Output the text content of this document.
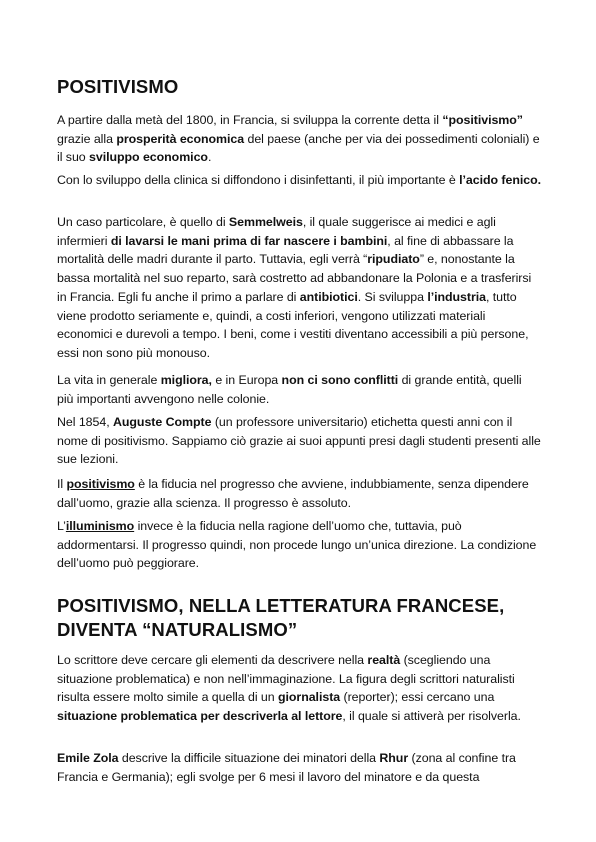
POSITIVISMO

A partire dalla metà del 1800, in Francia, si sviluppa la corrente detta il “positivismo” grazie alla prosperità economica del paese (anche per via dei possedimenti coloniali) e il suo sviluppo economico.

Con lo sviluppo della clinica si diffondono i disinfettanti, il più importante è l’acido fenico.

Un caso particolare, è quello di Semmelweis, il quale suggerisce ai medici e agli infermieri di lavarsi le mani prima di far nascere i bambini, al fine di abbassare la mortalità delle madri durante il parto. Tuttavia, egli verrà “ripudiato” e, nonostante la bassa mortalità nel suo reparto, sarà costretto ad abbandonare la Polonia e a trasferirsi in Francia. Egli fu anche il primo a parlare di antibiotici. Si sviluppa l’industria, tutto viene prodotto seriamente e, quindi, a costi inferiori, vengono utilizzati materiali economici e durevoli a tempo. I beni, come i vestiti diventano accessibili a più persone, essi non sono più monouso.

La vita in generale migliora, e in Europa non ci sono conflitti di grande entità, quelli più importanti avvengono nelle colonie.

Nel 1854, Auguste Compte (un professore universitario) etichetta questi anni con il nome di positivismo. Sappiamo ciò grazie ai suoi appunti presi dagli studenti presenti alle sue lezioni.

Il positivismo è la fiducia nel progresso che avviene, indubbiamente, senza dipendere dall’uomo, grazie alla scienza. Il progresso è assoluto.

L’illuminismo invece è la fiducia nella ragione dell’uomo che, tuttavia, può addormentarsi. Il progresso quindi, non procede lungo un’unica direzione. La condizione dell’uomo può peggiorare.

POSITIVISMO, NELLA LETTERATURA FRANCESE, DIVENTA “NATURALISMO”

Lo scrittore deve cercare gli elementi da descrivere nella realtà (scegliendo una situazione problematica) e non nell’immaginazione. La figura degli scrittori naturalisti risulta essere molto simile a quella di un giornalista (reporter); essi cercano una situazione problematica per descriverla al lettore, il quale si attiverà per risolverla.

Emile Zola descrive la difficile situazione dei minatori della Rhur (zona al confine tra Francia e Germania); egli svolge per 6 mesi il lavoro del minatore e da questa
